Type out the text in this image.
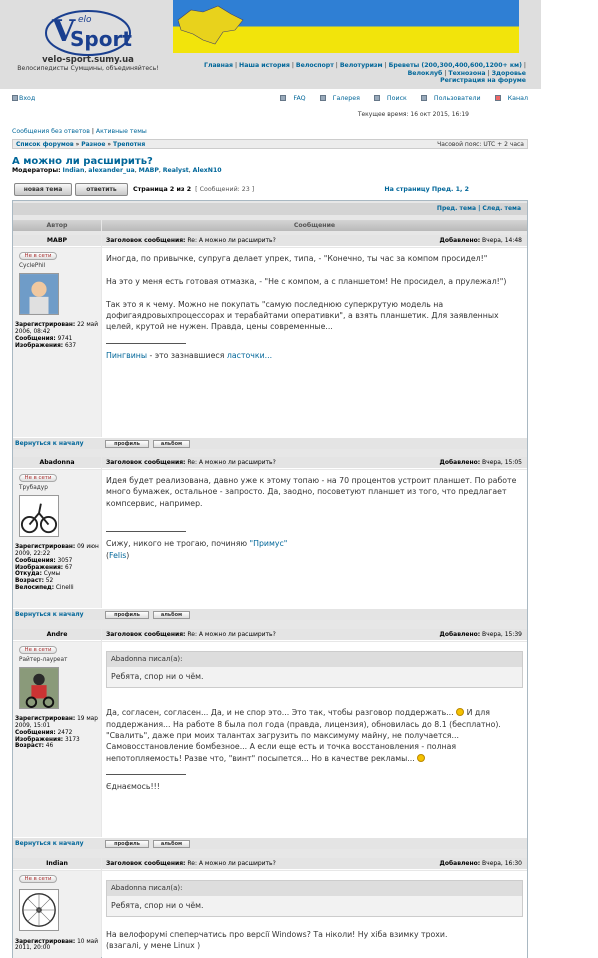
V
Sport
elo
velo-sport.sumy.ua
Велосипедисты Сумщины, объединяйтесь!	Главная | Наша история | Велоспорт | Велотуризм | Бреветы (200,300,400,600,1200+ км) | Велоклуб | Технозона | Здоровье
Регистрация на форуме
Вход	FAQ	Галерея	Поиск	Пользователи	Канал
Текущее время: 16 окт 2015, 16:19
Сообщения без ответов | Активные темы
Список форумов » Разное » Трепотня	Часовой пояс: UTC + 2 часа
А можно ли расширить?
Модераторы: Indian, alexander_ua, MABP, Realyst, AlexN10
новая тема	ответить	Страница 2 из 2 [ Сообщений: 23 ]	На страницу Пред. 1, 2
Пред. тема | След. тема
Автор	Сообщение
MABP	Заголовок сообщения: Re: А можно ли расширить?	Добавлено: Вчера, 14:48
Не в сети
CyclePhil
Зарегистрирован: 22 май 2006, 08:42
Сообщения: 9741
Изображения: 637

Иногда, по привычке, супруга делает упрек, типа, - "Конечно, ты час за компом просидел!"

На это у меня есть готовая отмазка, - "Не с компом, а с планшетом! Не просидел, а прулежал!")

Так это я к чему. Можно не покупать "самую последнюю суперкрутую модель на дофигаядровыхпроцессорах и терабайтами оперативки", а взять планшетик. Для заявленных целей, крутой не нужен. Правда, цены современные...

Пингвины - это зазнавшиеся ласточки...

Вернуться к началу	профиль	альбом
Abadonna	Заголовок сообщения: Re: А можно ли расширить?	Добавлено: Вчера, 15:05
Не в сети
Трубадур
Зарегистрирован: 09 июн 2009, 22:22
Сообщения: 3057
Изображения: 67
Откуда: Сумы
Возраст: 52
Велосипед: Cinelli

Идея будет реализована, давно уже к этому топаю - на 70 процентов устроит планшет. По работе много бумажек, остальное - запросто. Да, заодно, посоветуют планшет из того, что предлагает компсервис, например.

Сижу, никого не трогаю, починяю "Примус"
(Felis)

Вернуться к началу	профиль	альбом
Andre	Заголовок сообщения: Re: А можно ли расширить?	Добавлено: Вчера, 15:39
Не в сети
Райтер-лауреат
Зарегистрирован: 19 мар 2009, 15:01
Сообщения: 2472
Изображения: 3173
Возраст: 46
Abadonna писал(а):
Ребята, спор ни о чём.

Да, согласен, согласен... Да, и не спор это... Это так, чтобы разговор поддержать... И для поддержания... На работе 8 была пол года (правда, лицензия), обновилась до 8.1 (бесплатно). "Свалить", даже при моих талантах загрузить по максимуму майну, не получается... Самовосстановление бомбезное... А если еще есть и точка восстановления - полная непотопляемость! Разве что, "винт" посыпется... Но в качестве рекламы...

Єднаємось!!!

Вернуться к началу	профиль	альбом
Indian	Заголовок сообщения: Re: А можно ли расширить?	Добавлено: Вчера, 16:30
Не в сети
Зарегистрирован: 10 май 2011, 20:00
Abadonna писал(а):
Ребята, спор ни о чём.

На велофорумі спеперчатись про версії Windows? Та ніколи! Ну хіба взимку трохи.

(взагалі, у мене Linux )
